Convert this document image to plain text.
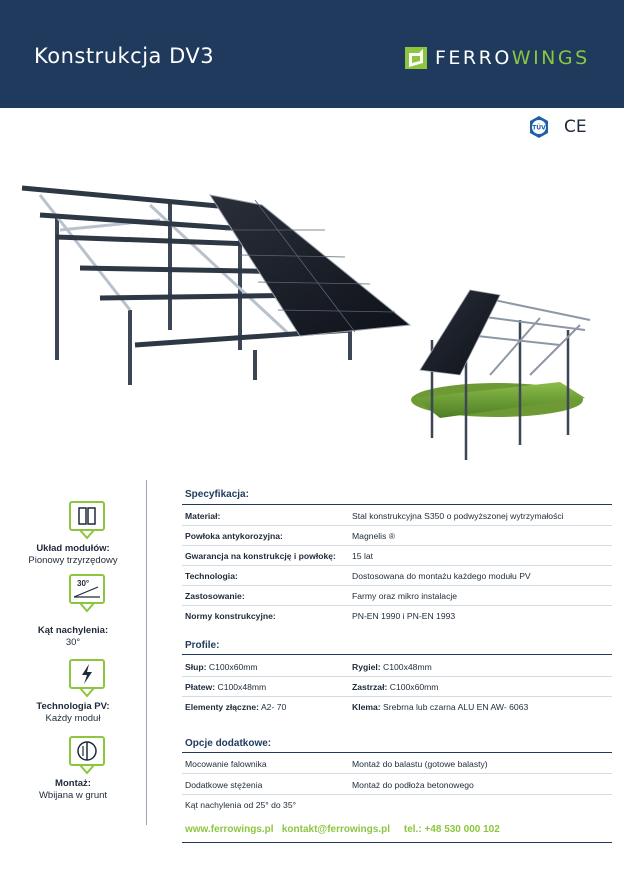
Konstrukcja DV3	FERROWINGS
TÜV CE
Układ modułów:
Pionowy trzyrzędowy
30°
Kąt nachylenia:
30°
Technologia PV:
Każdy moduł
Montaż:
Wbijana w grunt
Specyfikacja:
Materiał:	Stal konstrukcyjna S350 o podwyższonej wytrzymałości
Powłoka antykorozyjna:	Magnelis ®
Gwarancja na konstrukcję i powłokę: 15 lat
Technologia:	Dostosowana do montażu każdego modułu PV
Zastosowanie:	Farmy oraz mikro instalacje
Normy konstrukcyjne:	PN-EN 1990 i PN-EN 1993
Profile:
Słup: C100x60mm	Rygiel: C100x48mm
Płatew: C100x48mm	Zastrzał: C100x60mm
Elementy złączne: A2- 70	Klema: Srebrna lub czarna ALU EN AW- 6063
Opcje dodatkowe:
Mocowanie falownika	Montaż do balastu (gotowe balasty)
Dodatkowe stężenia	Montaż do podłoża betonowego
Kąt nachylenia od 25° do 35°
www.ferrowings.pl kontakt@ferrowings.pl tel.: +48 530 000 102
